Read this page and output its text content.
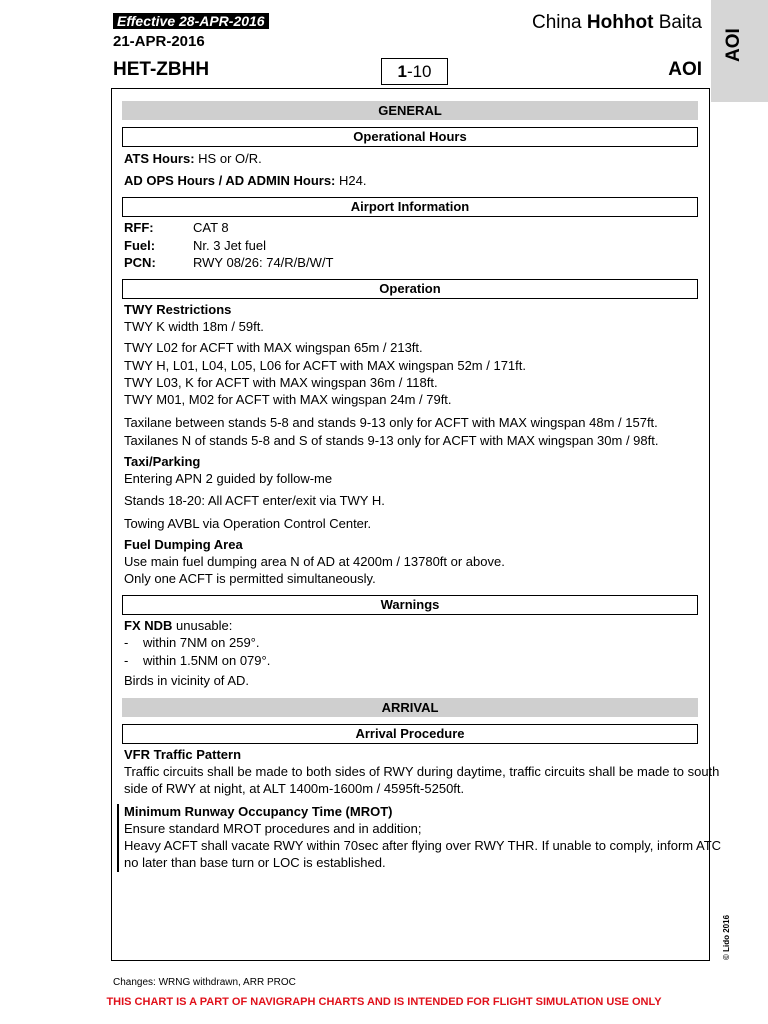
Effective 28-APR-2016
21-APR-2016
HET-ZBHH	1-10
China Hohhot Baita
AOI
AOI
GENERAL
Operational Hours
ATS Hours: HS or O/R.
AD OPS Hours / AD ADMIN Hours: H24.
Airport Information
RFF:	CAT 8
Fuel:	Nr. 3 Jet fuel
PCN:	RWY 08/26: 74/R/B/W/T
Operation
TWY Restrictions
TWY K width 18m / 59ft.
TWY L02 for ACFT with MAX wingspan 65m / 213ft.
TWY H, L01, L04, L05, L06 for ACFT with MAX wingspan 52m / 171ft.
TWY L03, K for ACFT with MAX wingspan 36m / 118ft.
TWY M01, M02 for ACFT with MAX wingspan 24m / 79ft.
Taxilane between stands 5-8 and stands 9-13 only for ACFT with MAX wingspan 48m / 157ft.
Taxilanes N of stands 5-8 and S of stands 9-13 only for ACFT with MAX wingspan 30m / 98ft.
Taxi/Parking
Entering APN 2 guided by follow-me
Stands 18-20: All ACFT enter/exit via TWY H.
Towing AVBL via Operation Control Center.
Fuel Dumping Area
Use main fuel dumping area N of AD at 4200m / 13780ft or above.
Only one ACFT is permitted simultaneously.
Warnings
FX NDB unusable:
- within 7NM on 259°.
- within 1.5NM on 079°.
Birds in vicinity of AD.
ARRIVAL
Arrival Procedure
VFR Traffic Pattern
Traffic circuits shall be made to both sides of RWY during daytime, traffic circuits shall be made to south
side of RWY at night, at ALT 1400m-1600m / 4595ft-5250ft.
Minimum Runway Occupancy Time (MROT)
Ensure standard MROT procedures and in addition;
Heavy ACFT shall vacate RWY within 70sec after flying over RWY THR. If unable to comply, inform ATC
no later than base turn or LOC is established.
© Lido 2016
Changes: WRNG withdrawn, ARR PROC
THIS CHART IS A PART OF NAVIGRAPH CHARTS AND IS INTENDED FOR FLIGHT SIMULATION USE ONLY
